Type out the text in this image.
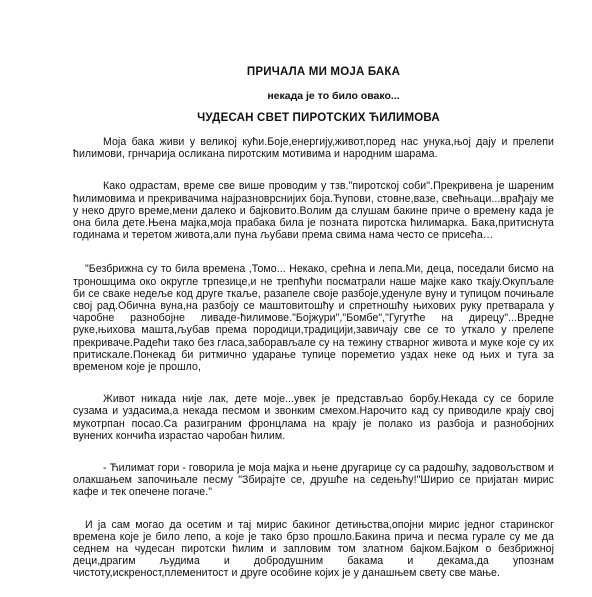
ПРИЧАЛА МИ МОЈА БАКА

некада је то било овако...

ЧУДЕСАН СВЕТ ПИРОТСКИХ ЋИЛИМОВА

Моја бака живи у великој кући.Боје,енергију,живот,поред нас унука,њој дају и прелепи ћилимови, грнчарија осликана пиротским мотивима и народним шарама.

Како одрастам, време све више проводим у тзв."пиротској соби".Прекривена је шареним ћилимовима и прекривачима најразноврснијих боја.Ћупови, стовне,вазе, свећњаци...врађају ме у неко друго време,мени далеко и бајковито.Волим да слушам бакине приче о времену када је она била дете.Њена мајка,моја прабака била је позната пиротска ћилимарка. Бака,притиснута годинама и теретом живота,али пуна љубави према свима нама често се присећа…

"Безбрижна су то била времена ,Томо... Некако, срећна и лепа.Ми, деца, поседали бисмо на троношцима око округле трпезице,и не трепћући посматрали наше мајке како ткају.Окупљале би се сваке недеље код друге ткаље, разапеле своје разбоје,уденуле вуну и тупицом почињале свој рад.Обична вуна,на разбоју се маштовитошћу и спретношћу њихових руку претварала у чаробне разнобојне ливаде-ћилимове."Бојжури","Бомбе","Гугутће на дирецу"...Вредне руке,њихова машта,љубав према породици,традицији,завичају све се то уткало у прелепе прекриваче.Радећи тако без гласа,заборављале су на тежину стварног живота и муке које су их притискале.Понекад би ритмично ударање тупице пореметио уздах неке од њих и туга за временом које је прошло,

Живот никада није лак, дете моје...увек је представљао борбу.Некада су се бориле сузама и уздасима,а некада песмом и звонким смехом.Нарочито кад су приводиле крају свој мукотрпан посао.Са разиграним фронцлама на крају је полако из разбоја и разнобојних вунених кончића израстао чаробан ћилим.

- Ћилимат гори - говорила је моја мајка и њене другарице су са радошћу, задовољством и олакшањем започињале песму "Збирајте се, друшће на седењћу!"Ширио се пријатан мирис кафе и тек опечене погаче."

И ја сам могао да осетим и тај мирис бакиног детињства,опојни мирис једног старинског времена које је било лепо, а које је тако брзо прошло.Бакина прича и песма гурале су ме да седнем на чудесан пиротски ћилим и запловим том златном бајком.Бајком о безбрижној деци,драгим људима и добродушним бакама и декама,да упознам чистоту,искреност,племенитост и друге особине којих је у данашњем свету све мање.
